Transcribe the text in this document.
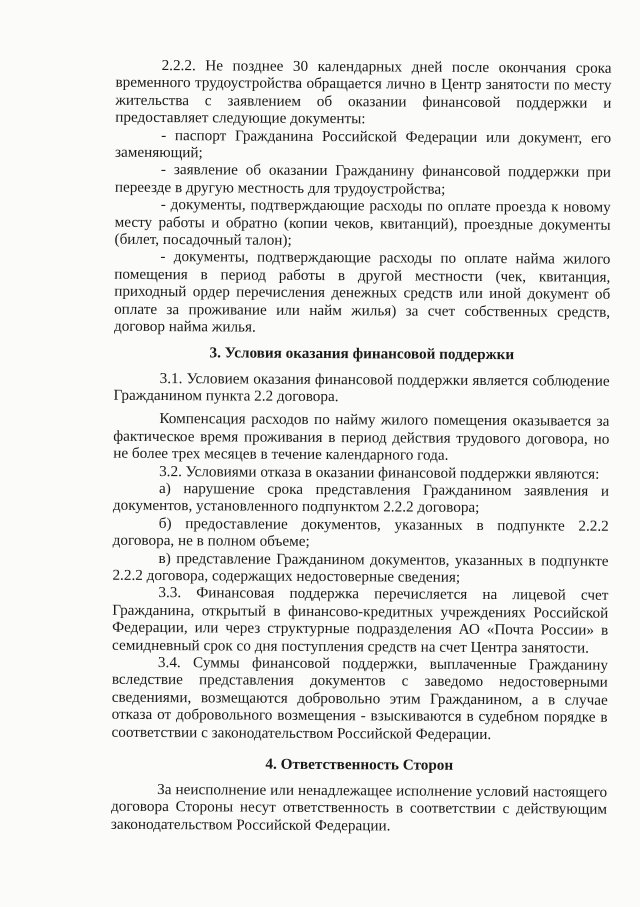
2.2.2. Не позднее 30 календарных дней после окончания срока временного трудоустройства обращается лично в Центр занятости по месту жительства с заявлением об оказании финансовой поддержки и предоставляет следующие документы:

- паспорт Гражданина Российской Федерации или документ, его заменяющий;

- заявление об оказании Гражданину финансовой поддержки при переезде в другую местность для трудоустройства;

- документы, подтверждающие расходы по оплате проезда к новому месту работы и обратно (копии чеков, квитанций), проездные документы (билет, посадочный талон);

- документы, подтверждающие расходы по оплате найма жилого помещения в период работы в другой местности (чек, квитанция, приходный ордер перечисления денежных средств или иной документ об оплате за проживание или найм жилья) за счет собственных средств, договор найма жилья.

3. Условия оказания финансовой поддержки

3.1. Условием оказания финансовой поддержки является соблюдение Гражданином пункта 2.2 договора.

Компенсация расходов по найму жилого помещения оказывается за фактическое время проживания в период действия трудового договора, но не более трех месяцев в течение календарного года.

3.2. Условиями отказа в оказании финансовой поддержки являются:

а) нарушение срока представления Гражданином заявления и документов, установленного подпунктом 2.2.2 договора;

б) предоставление документов, указанных в подпункте 2.2.2 договора, не в полном объеме;

в) представление Гражданином документов, указанных в подпункте 2.2.2 договора, содержащих недостоверные сведения;

3.3. Финансовая поддержка перечисляется на лицевой счет Гражданина, открытый в финансово-кредитных учреждениях Российской Федерации, или через структурные подразделения АО «Почта России» в семидневный срок со дня поступления средств на счет Центра занятости.

3.4. Суммы финансовой поддержки, выплаченные Гражданину вследствие представления документов с заведомо недостоверными сведениями, возмещаются добровольно этим Гражданином, а в случае отказа от добровольного возмещения - взыскиваются в судебном порядке в соответствии с законодательством Российской Федерации.

4. Ответственность Сторон

За неисполнение или ненадлежащее исполнение условий настоящего договора Стороны несут ответственность в соответствии с действующим законодательством Российской Федерации.
